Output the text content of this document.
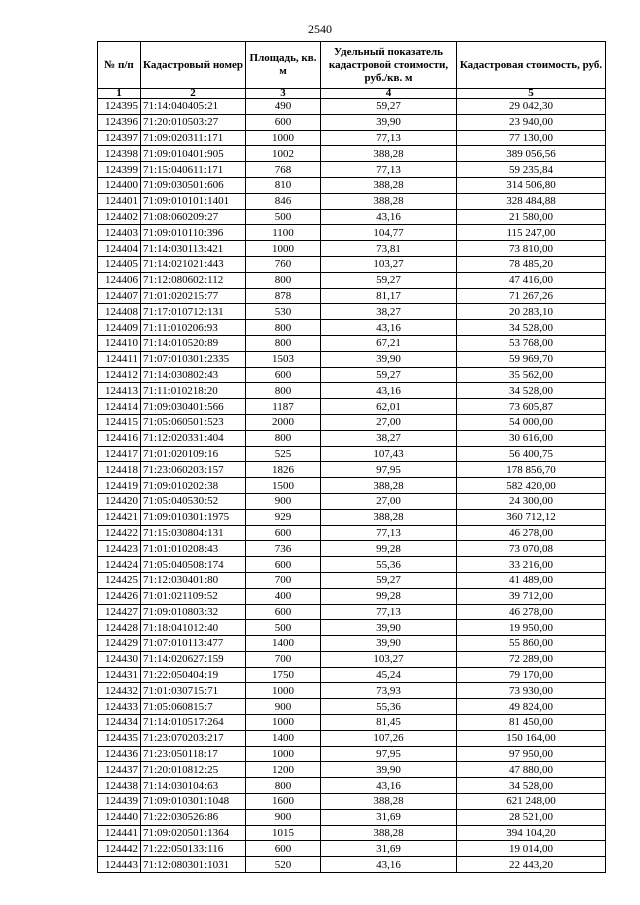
2540
№ п/п	Кадастровый номер	Площадь, кв. м	Удельный показатель кадастровой стоимости, руб./кв. м	Кадастровая стоимость, руб.
1	2	3	4	5
124395	71:14:040405:21	490	59,27	29 042,30
124396	71:20:010503:27	600	39,90	23 940,00
124397	71:09:020311:171	1000	77,13	77 130,00
124398	71:09:010401:905	1002	388,28	389 056,56
124399	71:15:040611:171	768	77,13	59 235,84
124400	71:09:030501:606	810	388,28	314 506,80
124401	71:09:010101:1401	846	388,28	328 484,88
124402	71:08:060209:27	500	43,16	21 580,00
124403	71:09:010110:396	1100	104,77	115 247,00
124404	71:14:030113:421	1000	73,81	73 810,00
124405	71:14:021021:443	760	103,27	78 485,20
124406	71:12:080602:112	800	59,27	47 416,00
124407	71:01:020215:77	878	81,17	71 267,26
124408	71:17:010712:131	530	38,27	20 283,10
124409	71:11:010206:93	800	43,16	34 528,00
124410	71:14:010520:89	800	67,21	53 768,00
124411	71:07:010301:2335	1503	39,90	59 969,70
124412	71:14:030802:43	600	59,27	35 562,00
124413	71:11:010218:20	800	43,16	34 528,00
124414	71:09:030401:566	1187	62,01	73 605,87
124415	71:05:060501:523	2000	27,00	54 000,00
124416	71:12:020331:404	800	38,27	30 616,00
124417	71:01:020109:16	525	107,43	56 400,75
124418	71:23:060203:157	1826	97,95	178 856,70
124419	71:09:010202:38	1500	388,28	582 420,00
124420	71:05:040530:52	900	27,00	24 300,00
124421	71:09:010301:1975	929	388,28	360 712,12
124422	71:15:030804:131	600	77,13	46 278,00
124423	71:01:010208:43	736	99,28	73 070,08
124424	71:05:040508:174	600	55,36	33 216,00
124425	71:12:030401:80	700	59,27	41 489,00
124426	71:01:021109:52	400	99,28	39 712,00
124427	71:09:010803:32	600	77,13	46 278,00
124428	71:18:041012:40	500	39,90	19 950,00
124429	71:07:010113:477	1400	39,90	55 860,00
124430	71:14:020627:159	700	103,27	72 289,00
124431	71:22:050404:19	1750	45,24	79 170,00
124432	71:01:030715:71	1000	73,93	73 930,00
124433	71:05:060815:7	900	55,36	49 824,00
124434	71:14:010517:264	1000	81,45	81 450,00
124435	71:23:070203:217	1400	107,26	150 164,00
124436	71:23:050118:17	1000	97,95	97 950,00
124437	71:20:010812:25	1200	39,90	47 880,00
124438	71:14:030104:63	800	43,16	34 528,00
124439	71:09:010301:1048	1600	388,28	621 248,00
124440	71:22:030526:86	900	31,69	28 521,00
124441	71:09:020501:1364	1015	388,28	394 104,20
124442	71:22:050133:116	600	31,69	19 014,00
124443	71:12:080301:1031	520	43,16	22 443,20
